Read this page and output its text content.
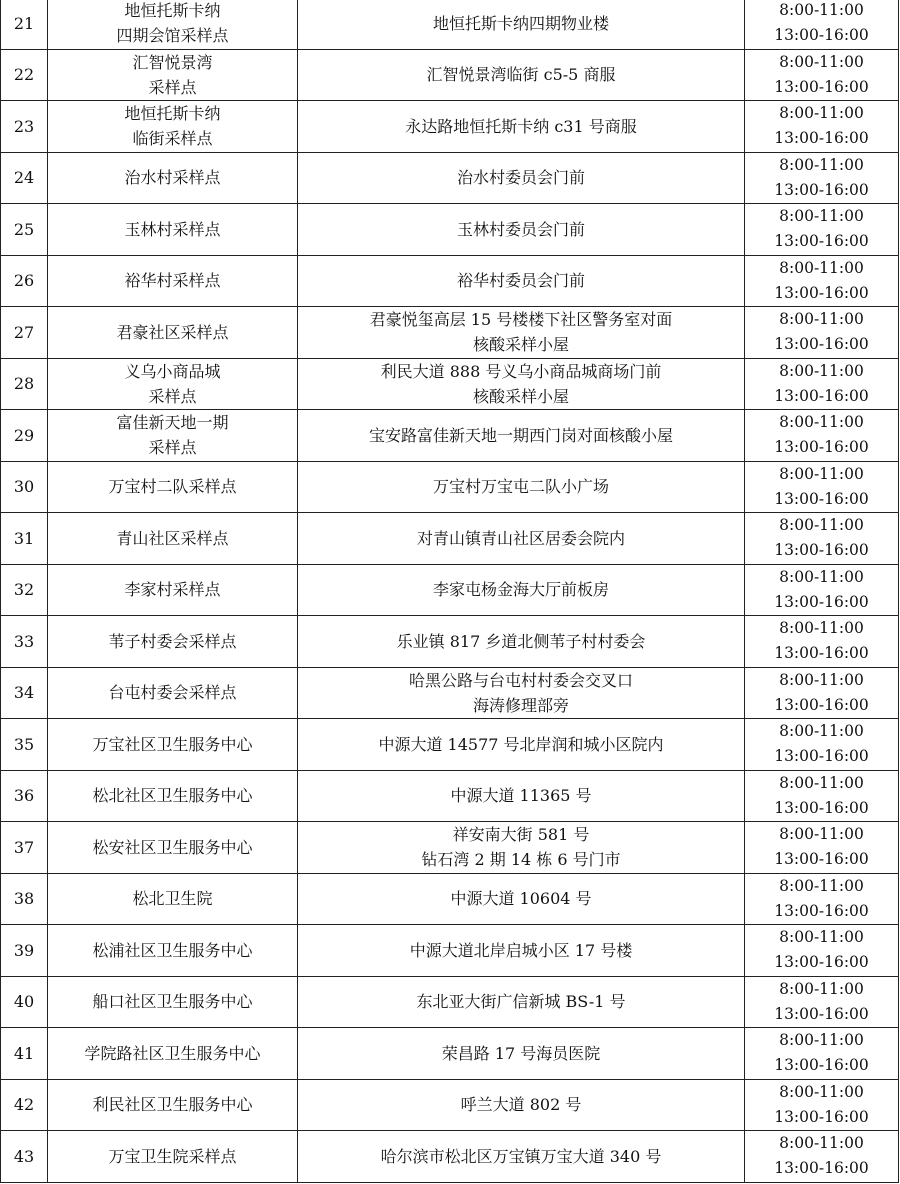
21	地恒托斯卡纳
四期会馆采样点	地恒托斯卡纳四期物业楼	8:00-11:00
13:00-16:00

22	汇智悦景湾
采样点	汇智悦景湾临街 c5-5 商服	8:00-11:00
13:00-16:00

23	地恒托斯卡纳
临街采样点	永达路地恒托斯卡纳 c31 号商服	8:00-11:00
13:00-16:00

24	治水村采样点	治水村委员会门前	8:00-11:00
13:00-16:00

25	玉林村采样点	玉林村委员会门前	8:00-11:00
13:00-16:00

26	裕华村采样点	裕华村委员会门前	8:00-11:00
13:00-16:00

27	君豪社区采样点	君豪悦玺高层 15 号楼楼下社区警务室对面
核酸采样小屋	8:00-11:00
13:00-16:00

28	义乌小商品城
采样点	利民大道 888 号义乌小商品城商场门前
核酸采样小屋	8:00-11:00
13:00-16:00

29	富佳新天地一期
采样点	宝安路富佳新天地一期西门岗对面核酸小屋	8:00-11:00
13:00-16:00

30	万宝村二队采样点	万宝村万宝屯二队小广场	8:00-11:00
13:00-16:00

31	青山社区采样点	对青山镇青山社区居委会院内	8:00-11:00
13:00-16:00

32	李家村采样点	李家屯杨金海大厅前板房	8:00-11:00
13:00-16:00

33	苇子村委会采样点	乐业镇 817 乡道北侧苇子村村委会	8:00-11:00
13:00-16:00

34	台屯村委会采样点	哈黑公路与台屯村村委会交叉口
海涛修理部旁	8:00-11:00
13:00-16:00

35	万宝社区卫生服务中心	中源大道 14577 号北岸润和城小区院内	8:00-11:00
13:00-16:00

36	松北社区卫生服务中心	中源大道 11365 号	8:00-11:00
13:00-16:00

37	松安社区卫生服务中心	祥安南大街 581 号
钻石湾 2 期 14 栋 6 号门市	8:00-11:00
13:00-16:00

38	松北卫生院	中源大道 10604 号	8:00-11:00
13:00-16:00

39	松浦社区卫生服务中心	中源大道北岸启城小区 17 号楼	8:00-11:00
13:00-16:00

40	船口社区卫生服务中心	东北亚大街广信新城 BS-1 号	8:00-11:00
13:00-16:00

41	学院路社区卫生服务中心	荣昌路 17 号海员医院	8:00-11:00
13:00-16:00

42	利民社区卫生服务中心	呼兰大道 802 号	8:00-11:00
13:00-16:00

43	万宝卫生院采样点	哈尔滨市松北区万宝镇万宝大道 340 号	8:00-11:00
13:00-16:00
